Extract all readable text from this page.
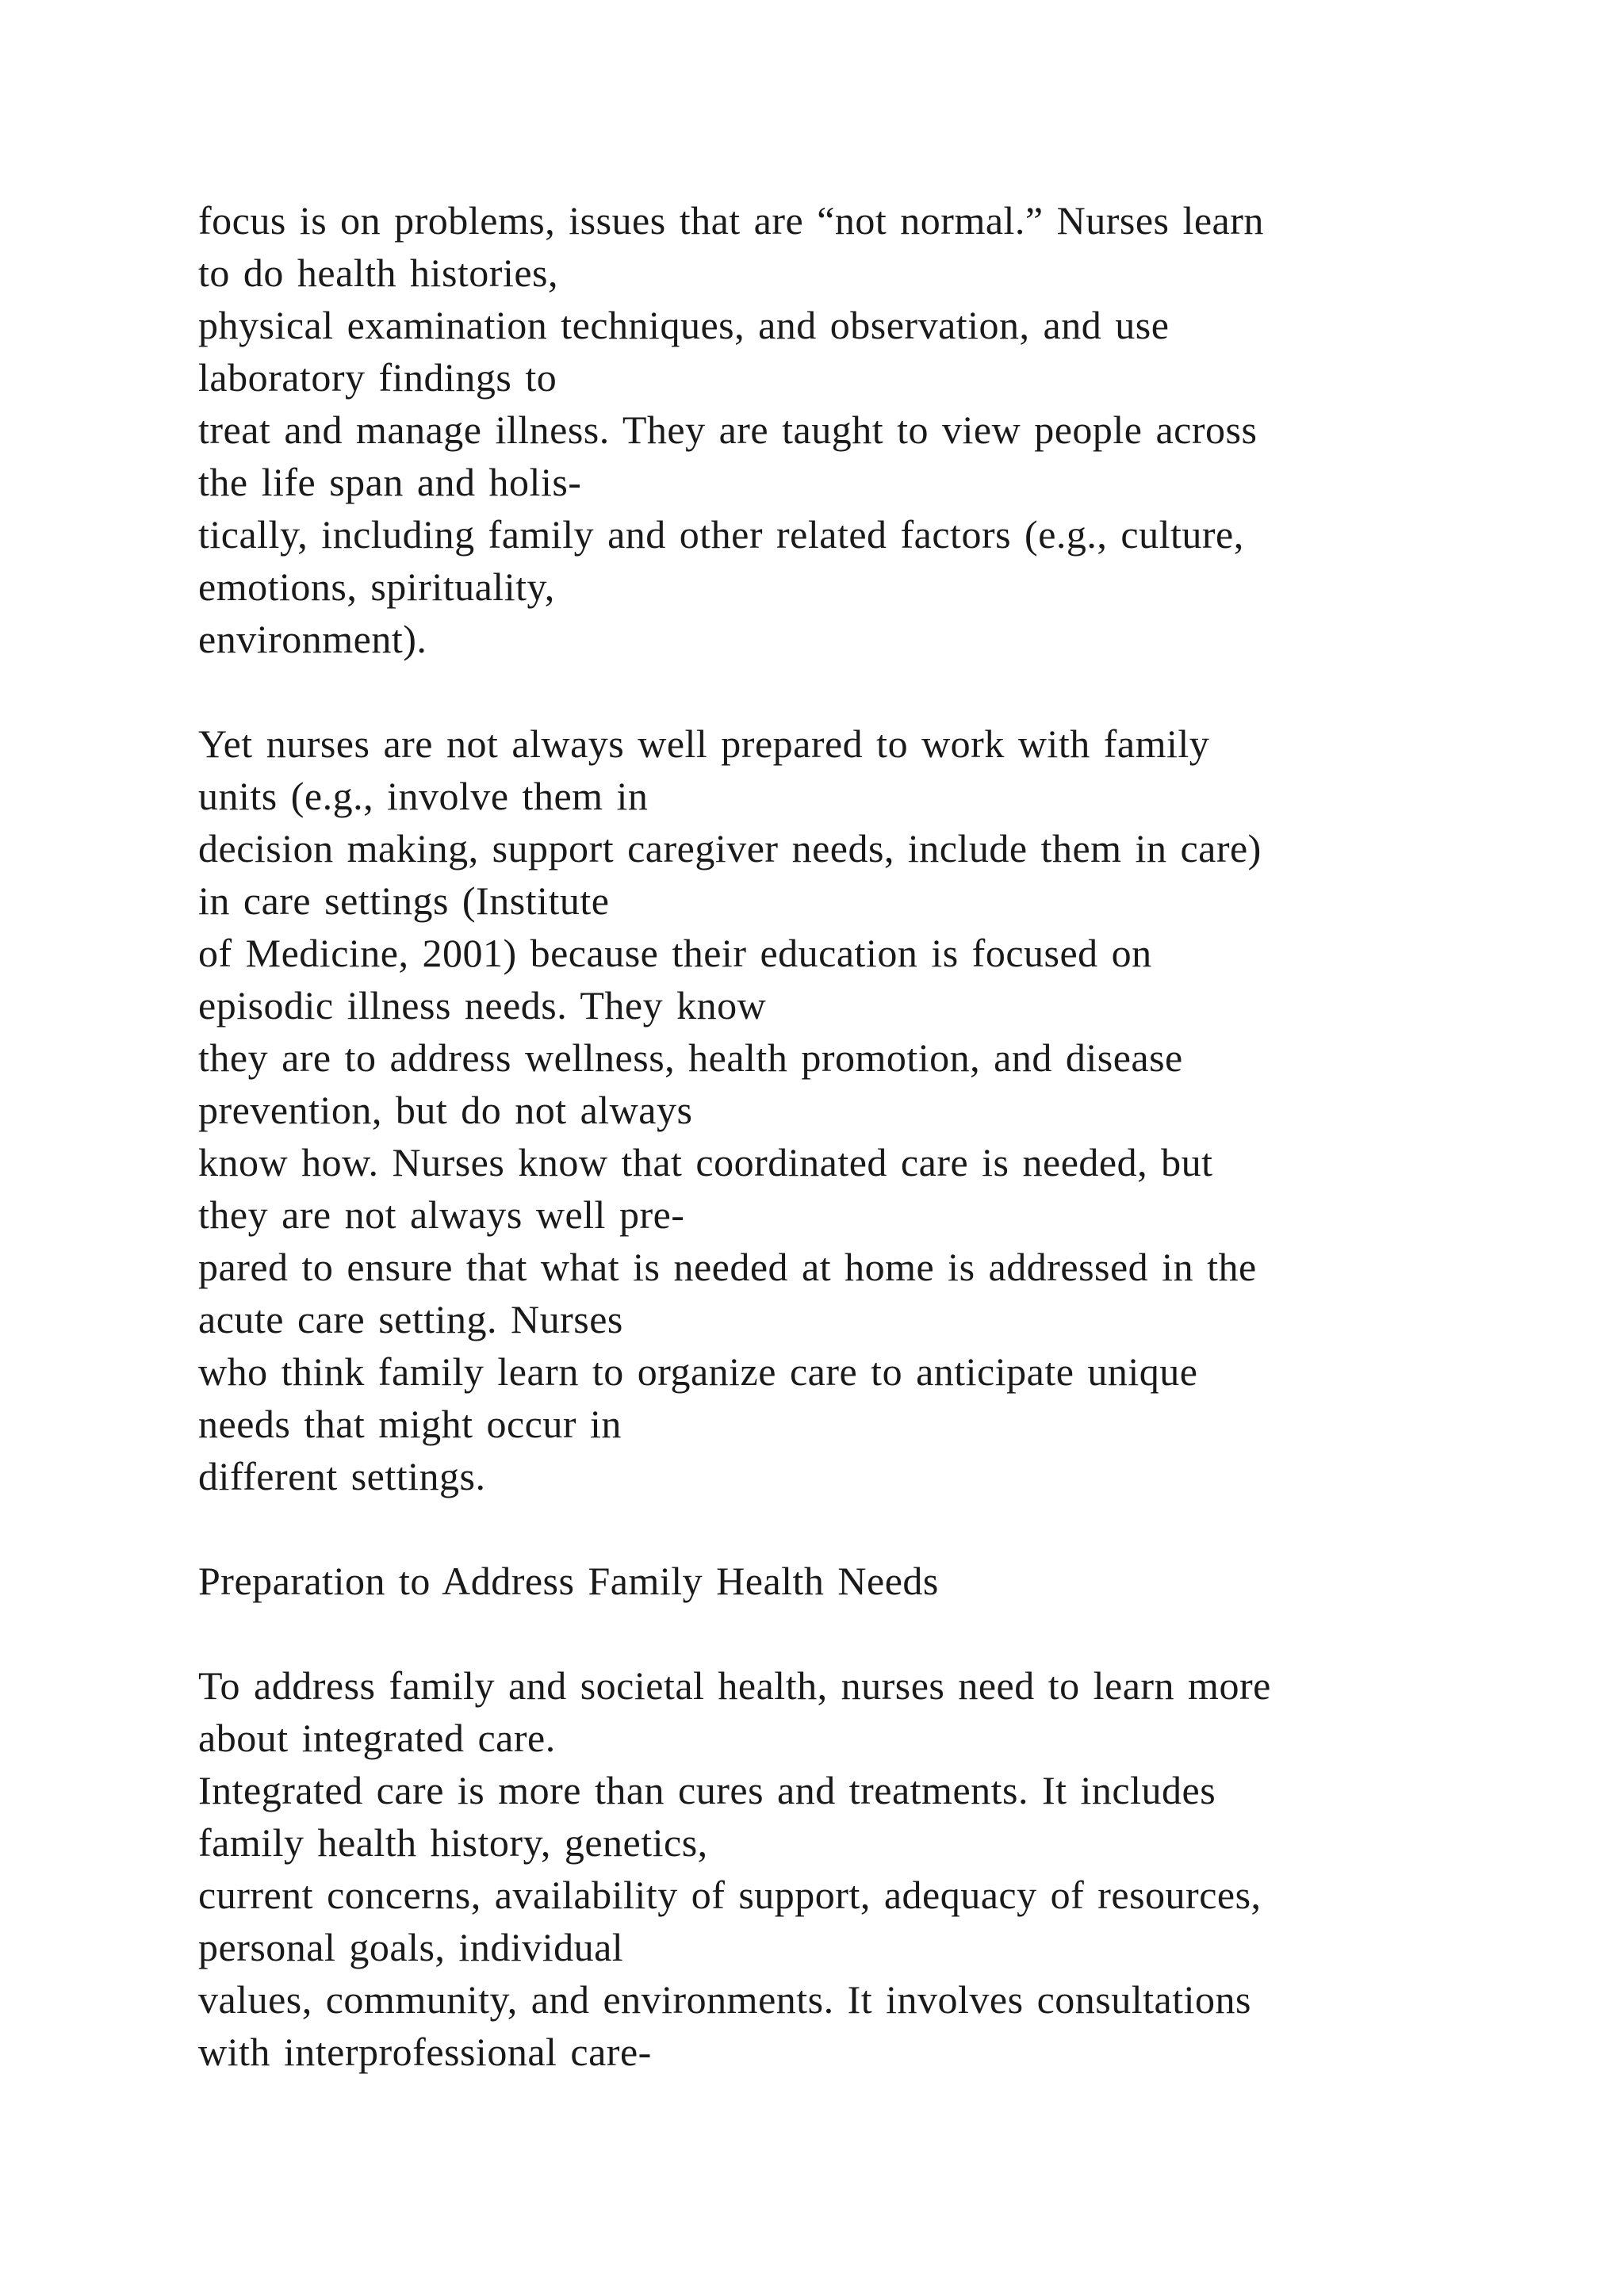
focus is on problems, issues that are “not normal.” Nurses learn
to do health histories,
physical examination techniques, and observation, and use
laboratory findings to
treat and manage illness. They are taught to view people across
the life span and holis-
tically, including family and other related factors (e.g., culture,
emotions, spirituality,
environment).
Yet nurses are not always well prepared to work with family
units (e.g., involve them in
decision making, support caregiver needs, include them in care)
in care settings (Institute
of Medicine, 2001) because their education is focused on
episodic illness needs. They know
they are to address wellness, health promotion, and disease
prevention, but do not always
know how. Nurses know that coordinated care is needed, but
they are not always well pre-
pared to ensure that what is needed at home is addressed in the
acute care setting. Nurses
who think family learn to organize care to anticipate unique
needs that might occur in
different settings.
Preparation to Address Family Health Needs
To address family and societal health, nurses need to learn more
about integrated care.
Integrated care is more than cures and treatments. It includes
family health history, genetics,
current concerns, availability of support, adequacy of resources,
personal goals, individual
values, community, and environments. It involves consultations
with interprofessional care-
